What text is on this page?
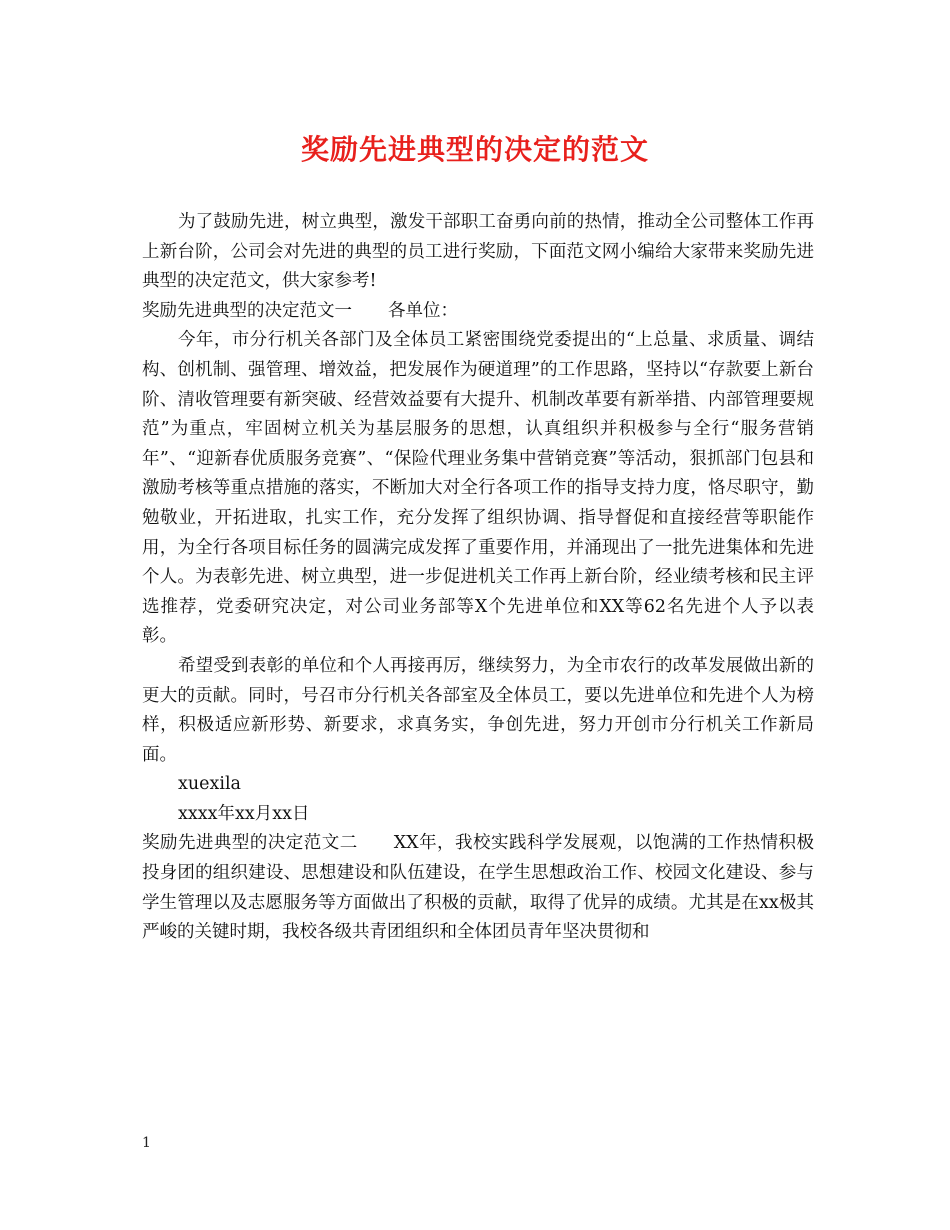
奖励先进典型的决定的范文

为了鼓励先进，树立典型，激发干部职工奋勇向前的热情，推动全公司整体工作再上新台阶，公司会对先进的典型的员工进行奖励，下面范文网小编给大家带来奖励先进典型的决定范文，供大家参考!

奖励先进典型的决定范文一 各单位：

今年，市分行机关各部门及全体员工紧密围绕党委提出的“上总量、求质量、调结构、创机制、强管理、增效益，把发展作为硬道理”的工作思路，坚持以“存款要上新台阶、清收管理要有新突破、经营效益要有大提升、机制改革要有新举措、内部管理要规范”为重点，牢固树立机关为基层服务的思想，认真组织并积极参与全行“服务营销年”、“迎新春优质服务竞赛”、“保险代理业务集中营销竞赛”等活动，狠抓部门包县和激励考核等重点措施的落实，不断加大对全行各项工作的指导支持力度，恪尽职守，勤勉敬业，开拓进取，扎实工作，充分发挥了组织协调、指导督促和直接经营等职能作用，为全行各项目标任务的圆满完成发挥了重要作用，并涌现出了一批先进集体和先进个人。为表彰先进、树立典型，进一步促进机关工作再上新台阶，经业绩考核和民主评选推荐，党委研究决定，对公司业务部等X个先进单位和XX等62名先进个人予以表彰。

希望受到表彰的单位和个人再接再厉，继续努力，为全市农行的改革发展做出新的更大的贡献。同时，号召市分行机关各部室及全体员工，要以先进单位和先进个人为榜样，积极适应新形势、新要求，求真务实，争创先进，努力开创市分行机关工作新局面。

xuexila

xxxx年xx月xx日

奖励先进典型的决定范文二 XX年，我校实践科学发展观，以饱满的工作热情积极投身团的组织建设、思想建设和队伍建设，在学生思想政治工作、校园文化建设、参与学生管理以及志愿服务等方面做出了积极的贡献，取得了优异的成绩。尤其是在xx极其严峻的关键时期，我校各级共青团组织和全体团员青年坚决贯彻和

1
